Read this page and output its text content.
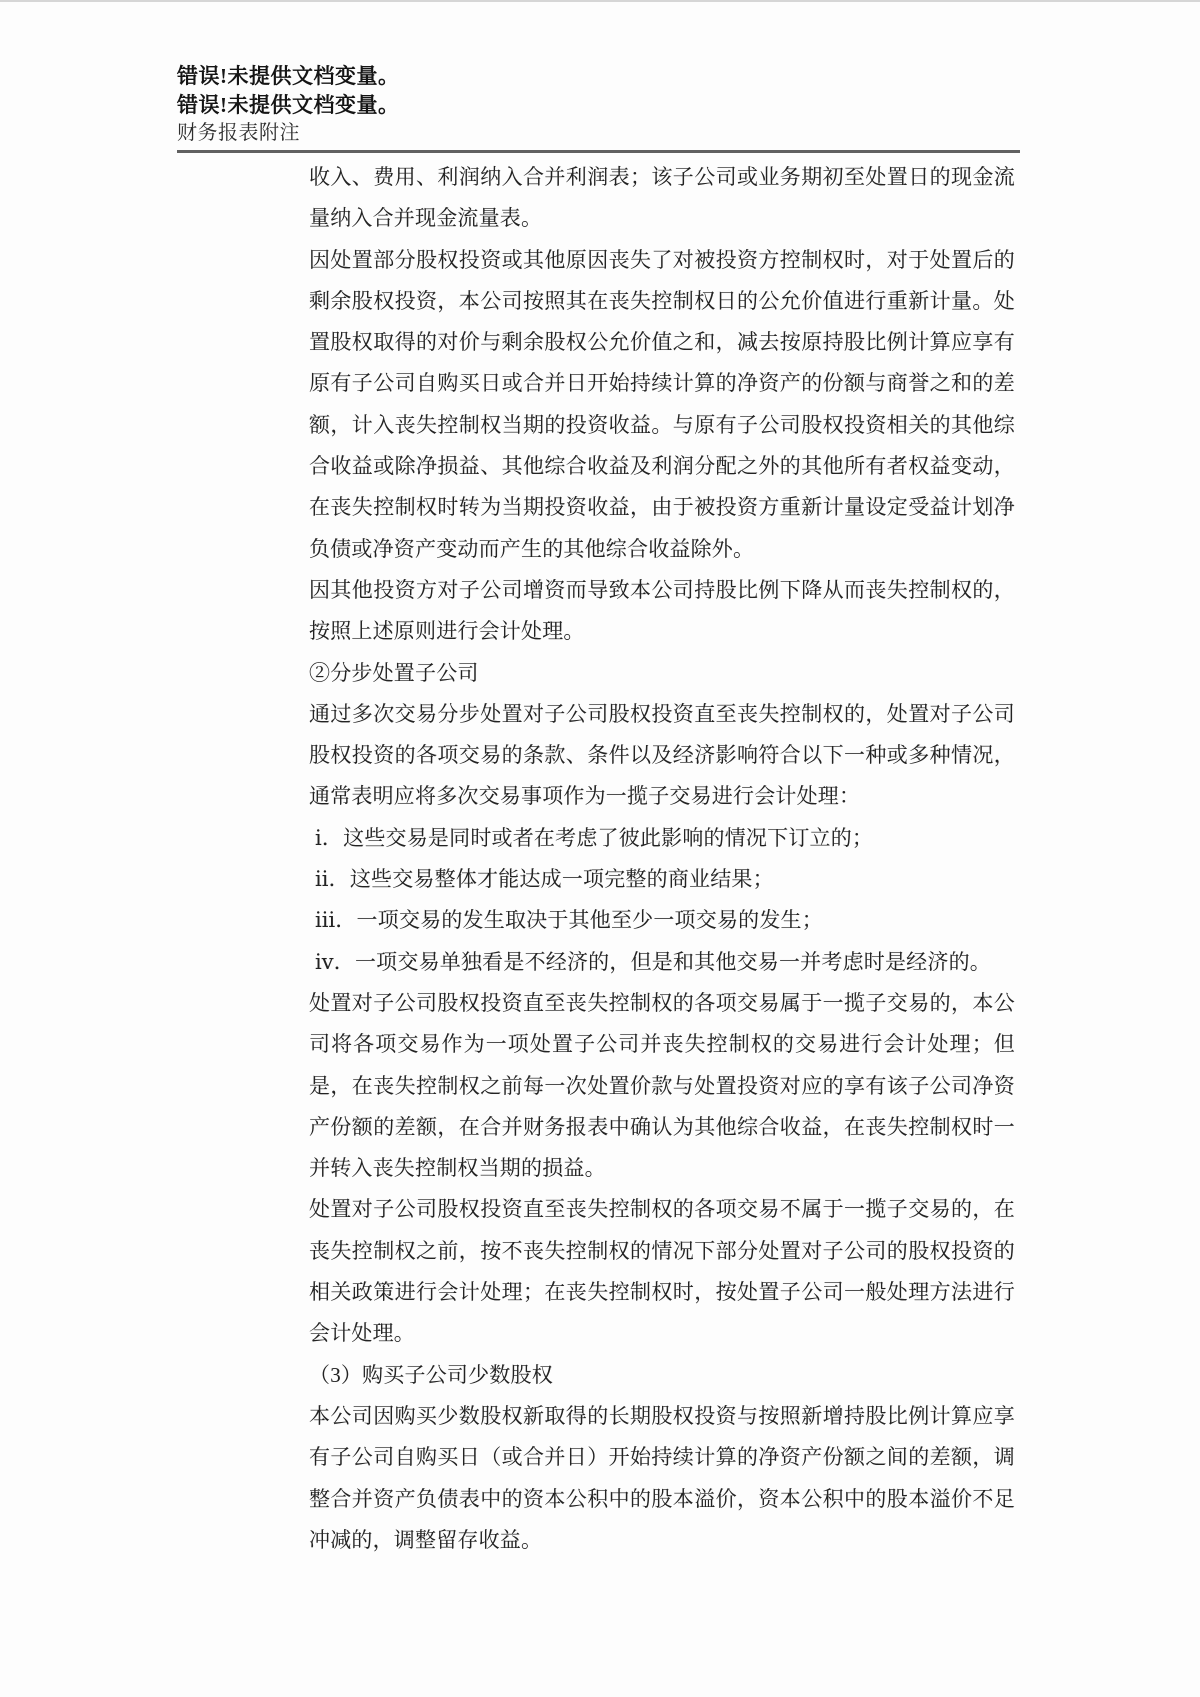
错误!未提供文档变量。
错误!未提供文档变量。
财务报表附注

收入、费用、利润纳入合并利润表；该子公司或业务期初至处置日的现金流量纳入合并现金流量表。

因处置部分股权投资或其他原因丧失了对被投资方控制权时，对于处置后的剩余股权投资，本公司按照其在丧失控制权日的公允价值进行重新计量。处置股权取得的对价与剩余股权公允价值之和，减去按原持股比例计算应享有原有子公司自购买日或合并日开始持续计算的净资产的份额与商誉之和的差额，计入丧失控制权当期的投资收益。与原有子公司股权投资相关的其他综合收益或除净损益、其他综合收益及利润分配之外的其他所有者权益变动，在丧失控制权时转为当期投资收益，由于被投资方重新计量设定受益计划净负债或净资产变动而产生的其他综合收益除外。

因其他投资方对子公司增资而导致本公司持股比例下降从而丧失控制权的，按照上述原则进行会计处理。

②分步处置子公司

通过多次交易分步处置对子公司股权投资直至丧失控制权的，处置对子公司股权投资的各项交易的条款、条件以及经济影响符合以下一种或多种情况，通常表明应将多次交易事项作为一揽子交易进行会计处理：

ⅰ．这些交易是同时或者在考虑了彼此影响的情况下订立的；

ⅱ．这些交易整体才能达成一项完整的商业结果；

ⅲ．一项交易的发生取决于其他至少一项交易的发生；

ⅳ．一项交易单独看是不经济的，但是和其他交易一并考虑时是经济的。

处置对子公司股权投资直至丧失控制权的各项交易属于一揽子交易的，本公司将各项交易作为一项处置子公司并丧失控制权的交易进行会计处理；但是，在丧失控制权之前每一次处置价款与处置投资对应的享有该子公司净资产份额的差额，在合并财务报表中确认为其他综合收益，在丧失控制权时一并转入丧失控制权当期的损益。

处置对子公司股权投资直至丧失控制权的各项交易不属于一揽子交易的，在丧失控制权之前，按不丧失控制权的情况下部分处置对子公司的股权投资的相关政策进行会计处理；在丧失控制权时，按处置子公司一般处理方法进行会计处理。

（3）购买子公司少数股权

本公司因购买少数股权新取得的长期股权投资与按照新增持股比例计算应享有子公司自购买日（或合并日）开始持续计算的净资产份额之间的差额，调整合并资产负债表中的资本公积中的股本溢价，资本公积中的股本溢价不足冲减的，调整留存收益。
